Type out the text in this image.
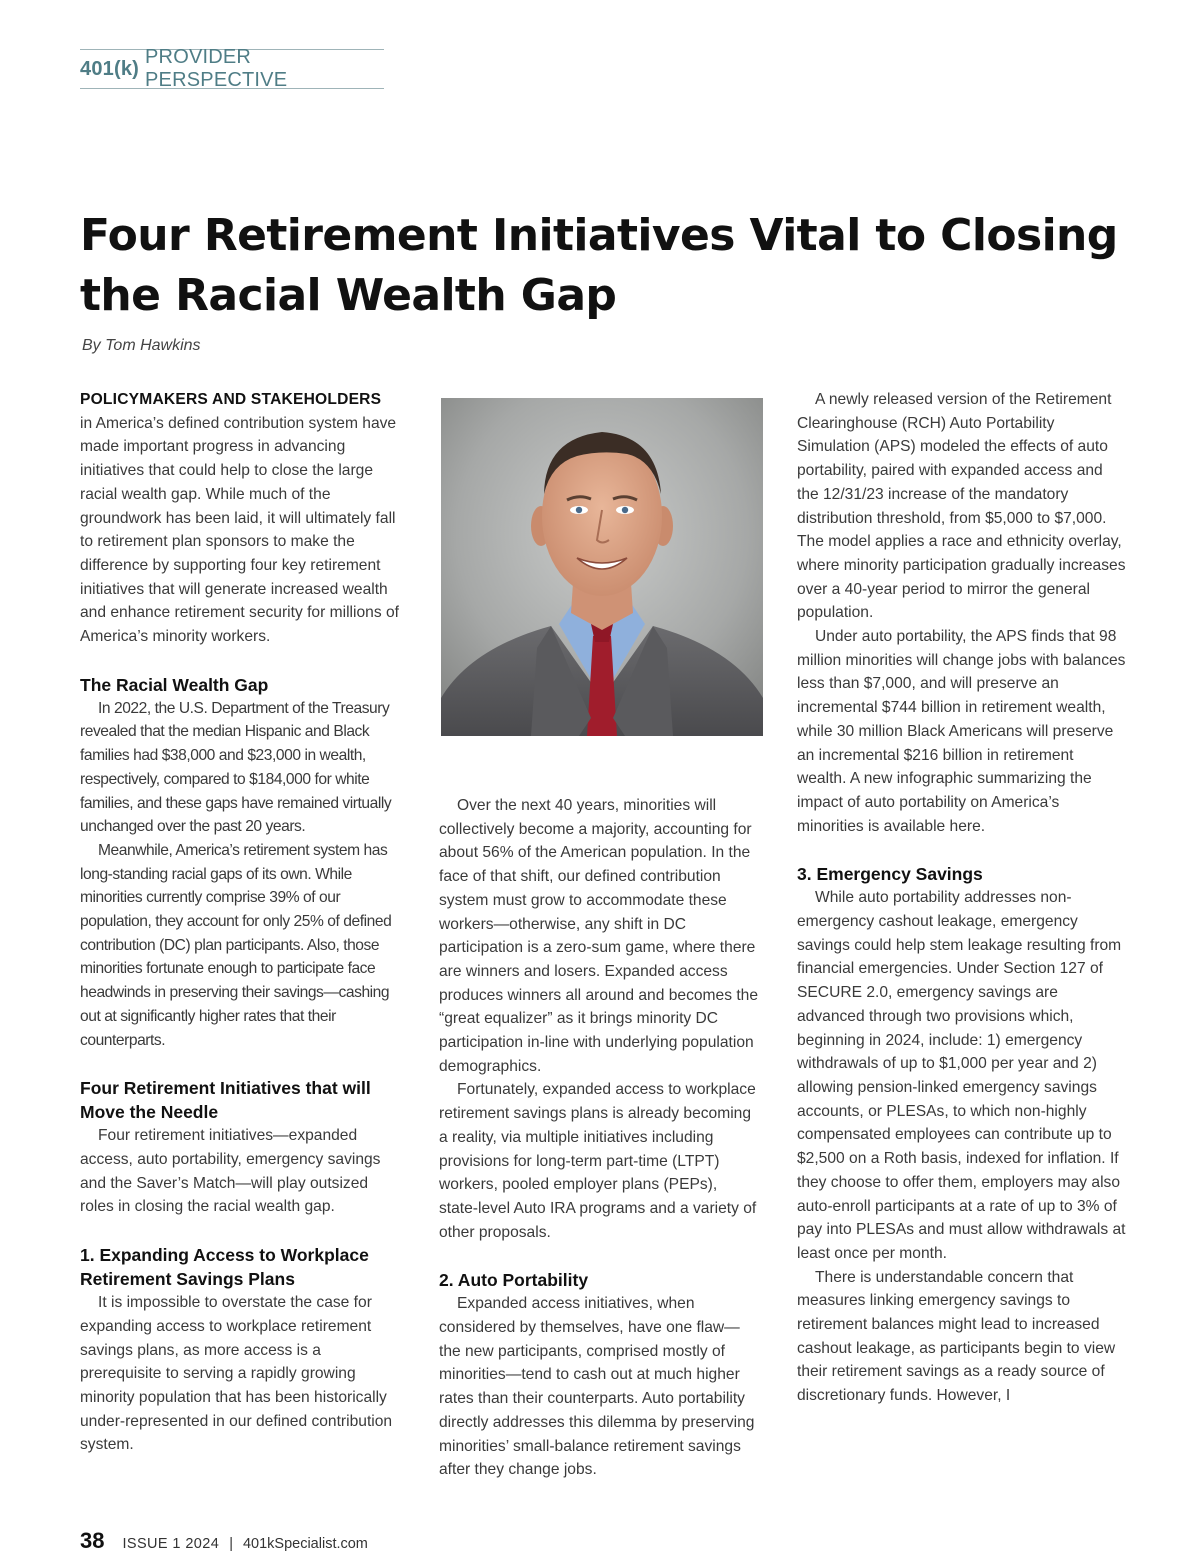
401(k)
PROVIDER PERSPECTIVE
Four Retirement Initiatives Vital to Closing the Racial Wealth Gap
By Tom Hawkins

POLICYMAKERS AND STAKEHOLDERS
in America’s defined contribution system have made important progress in advancing initiatives that could help to close the large racial wealth gap. While much of the groundwork has been laid, it will ultimately fall to retirement plan sponsors to make the difference by supporting four key retirement initiatives that will generate increased wealth and enhance retirement security for millions of America’s minority workers.

The Racial Wealth Gap

In 2022, the U.S. Department of the Treasury revealed that the median Hispanic and Black families had $38,000 and $23,000 in wealth, respectively, compared to $184,000 for white families, and these gaps have remained virtually unchanged over the past 20 years.

Meanwhile, America’s retirement system has long-standing racial gaps of its own. While minorities currently comprise 39% of our population, they account for only 25% of defined contribution (DC) plan participants. Also, those minorities fortunate enough to participate face headwinds in preserving their savings—cashing out at significantly higher rates that their counterparts.

Four Retirement Initiatives that will Move the Needle

Four retirement initiatives—expanded access, auto portability, emergency savings and the Saver’s Match—will play outsized roles in closing the racial wealth gap.

1. Expanding Access to Workplace Retirement Savings Plans

It is impossible to overstate the case for expanding access to workplace retirement savings plans, as more access is a prerequisite to serving a rapidly growing minority population that has been historically under-represented in our defined contribution system.

Over the next 40 years, minorities will collectively become a majority, accounting for about 56% of the American population. In the face of that shift, our defined contribution system must grow to accommodate these workers—otherwise, any shift in DC participation is a zero-sum game, where there are winners and losers. Expanded access produces winners all around and becomes the “great equalizer” as it brings minority DC participation in-line with underlying population demographics.

Fortunately, expanded access to workplace retirement savings plans is already becoming a reality, via multiple initiatives including provisions for long-term part-time (LTPT) workers, pooled employer plans (PEPs), state-level Auto IRA programs and a variety of other proposals.

2. Auto Portability

Expanded access initiatives, when considered by themselves, have one flaw—the new participants, comprised mostly of minorities—tend to cash out at much higher rates than their counterparts. Auto portability directly addresses this dilemma by preserving minorities’ small-balance retirement savings after they change jobs.

A newly released version of the Retirement Clearinghouse (RCH) Auto Portability Simulation (APS) modeled the effects of auto portability, paired with expanded access and the 12/31/23 increase of the mandatory distribution threshold, from $5,000 to $7,000. The model applies a race and ethnicity overlay, where minority participation gradually increases over a 40-year period to mirror the general population.

Under auto portability, the APS finds that 98 million minorities will change jobs with balances less than $7,000, and will preserve an incremental $744 billion in retirement wealth, while 30 million Black Americans will preserve an incremental $216 billion in retirement wealth. A new infographic summarizing the impact of auto portability on America’s minorities is available here.

3. Emergency Savings

While auto portability addresses non-emergency cashout leakage, emergency savings could help stem leakage resulting from financial emergencies. Under Section 127 of SECURE 2.0, emergency savings are advanced through two provisions which, beginning in 2024, include: 1) emergency withdrawals of up to $1,000 per year and 2) allowing pension-linked emergency savings accounts, or PLESAs, to which non-highly compensated employees can contribute up to $2,500 on a Roth basis, indexed for inflation. If they choose to offer them, employers may also auto-enroll participants at a rate of up to 3% of pay into PLESAs and must allow withdrawals at least once per month.

There is understandable concern that measures linking emergency savings to retirement balances might lead to increased cashout leakage, as participants begin to view their retirement savings as a ready source of discretionary funds. However, I

38 ISSUE 1 2024 | 401kSpecialist.com
